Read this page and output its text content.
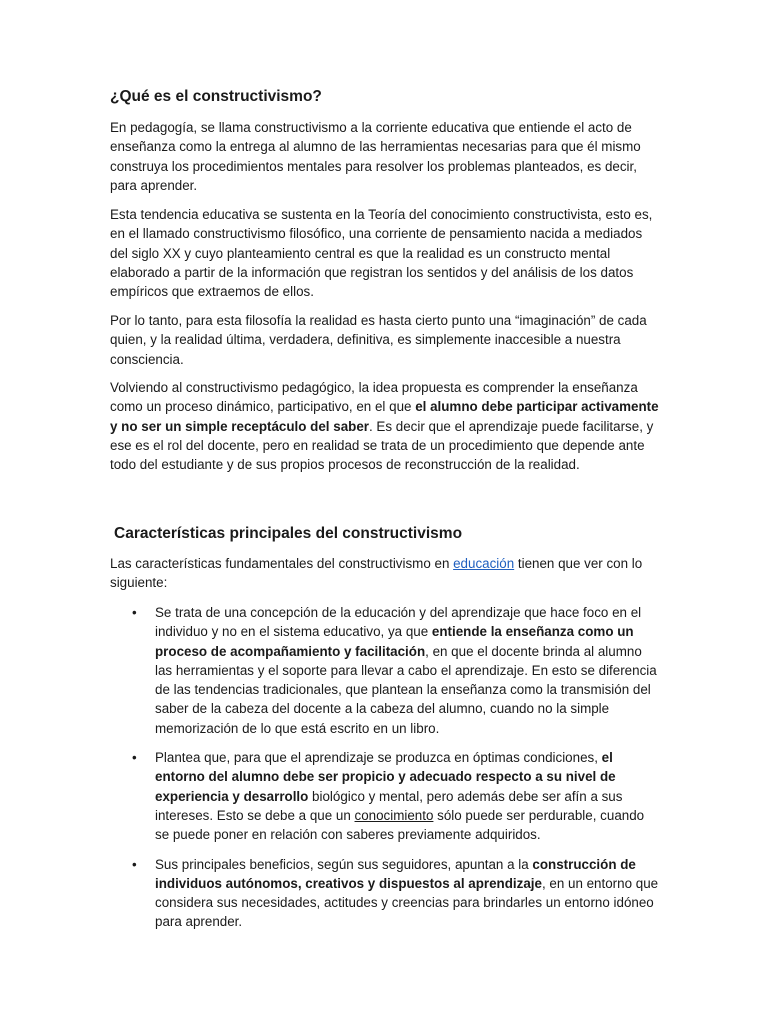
¿Qué es el constructivismo?

En pedagogía, se llama constructivismo a la corriente educativa que entiende el acto de enseñanza como la entrega al alumno de las herramientas necesarias para que él mismo construya los procedimientos mentales para resolver los problemas planteados, es decir, para aprender.

Esta tendencia educativa se sustenta en la Teoría del conocimiento constructivista, esto es, en el llamado constructivismo filosófico, una corriente de pensamiento nacida a mediados del siglo XX y cuyo planteamiento central es que la realidad es un constructo mental elaborado a partir de la información que registran los sentidos y del análisis de los datos empíricos que extraemos de ellos.

Por lo tanto, para esta filosofía la realidad es hasta cierto punto una “imaginación” de cada quien, y la realidad última, verdadera, definitiva, es simplemente inaccesible a nuestra consciencia.

Volviendo al constructivismo pedagógico, la idea propuesta es comprender la enseñanza como un proceso dinámico, participativo, en el que el alumno debe participar activamente y no ser un simple receptáculo del saber. Es decir que el aprendizaje puede facilitarse, y ese es el rol del docente, pero en realidad se trata de un procedimiento que depende ante todo del estudiante y de sus propios procesos de reconstrucción de la realidad.

Características principales del constructivismo

Las características fundamentales del constructivismo en educación tienen que ver con lo siguiente:

• Se trata de una concepción de la educación y del aprendizaje que hace foco en el individuo y no en el sistema educativo, ya que entiende la enseñanza como un proceso de acompañamiento y facilitación, en que el docente brinda al alumno las herramientas y el soporte para llevar a cabo el aprendizaje. En esto se diferencia de las tendencias tradicionales, que plantean la enseñanza como la transmisión del saber de la cabeza del docente a la cabeza del alumno, cuando no la simple memorización de lo que está escrito en un libro.
• Plantea que, para que el aprendizaje se produzca en óptimas condiciones, el entorno del alumno debe ser propicio y adecuado respecto a su nivel de experiencia y desarrollo biológico y mental, pero además debe ser afín a sus intereses. Esto se debe a que un conocimiento sólo puede ser perdurable, cuando se puede poner en relación con saberes previamente adquiridos.
• Sus principales beneficios, según sus seguidores, apuntan a la construcción de individuos autónomos, creativos y dispuestos al aprendizaje, en un entorno que considera sus necesidades, actitudes y creencias para brindarles un entorno idóneo para aprender.
